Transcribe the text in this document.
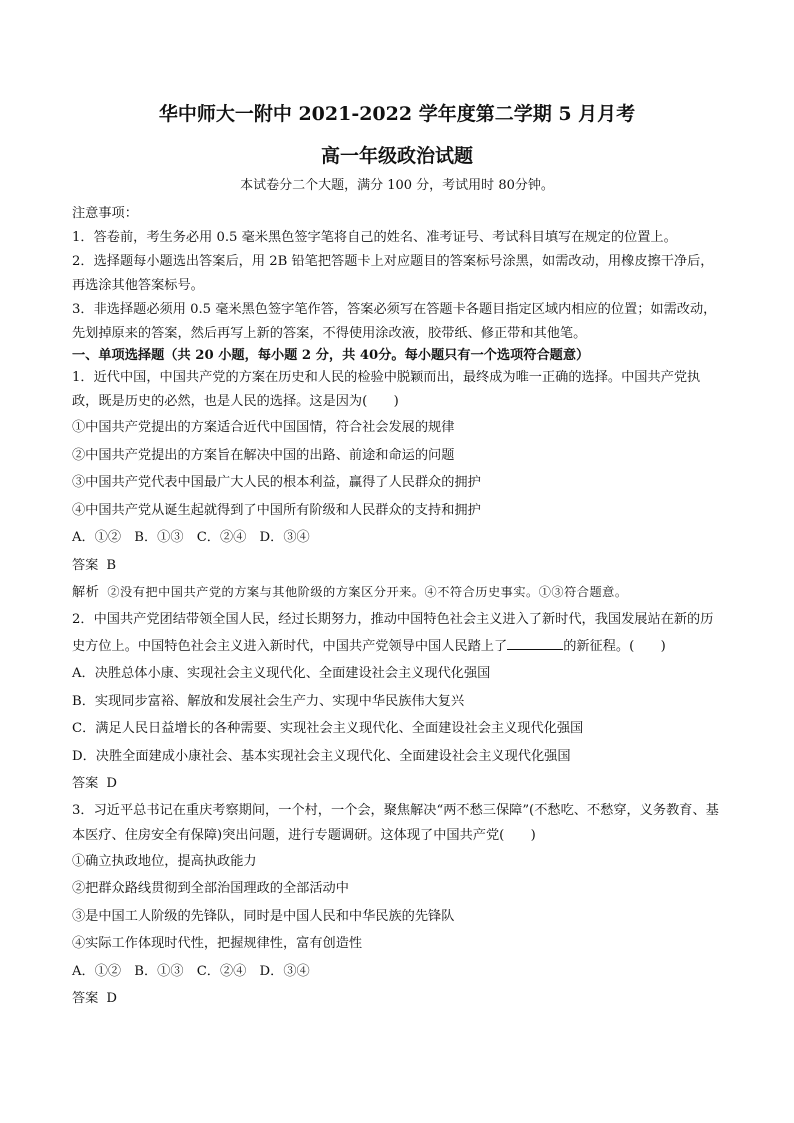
华中师大一附中 2021-2022 学年度第二学期 5 月月考
高一年级政治试题
本试卷分二个大题，满分 100 分，考试用时 80分钟。

注意事项：

1．答卷前，考生务必用 0.5 毫米黑色签字笔将自己的姓名、准考证号、考试科目填写在规定的位置上。

2．选择题每小题选出答案后，用 2B 铅笔把答题卡上对应题目的答案标号涂黑，如需改动，用橡皮擦干净后，再选涂其他答案标号。

3．非选择题必须用 0.5 毫米黑色签字笔作答，答案必须写在答题卡各题目指定区域内相应的位置；如需改动，先划掉原来的答案，然后再写上新的答案，不得使用涂改液，胶带纸、修正带和其他笔。

一、单项选择题（共 20 小题，每小题 2 分，共 40分。每小题只有一个选项符合题意）

1．近代中国，中国共产党的方案在历史和人民的检验中脱颖而出，最终成为唯一正确的选择。中国共产党执政，既是历史的必然，也是人民的选择。这是因为(　　)

①中国共产党提出的方案适合近代中国国情，符合社会发展的规律

②中国共产党提出的方案旨在解决中国的出路、前途和命运的问题

③中国共产党代表中国最广大人民的根本利益，赢得了人民群众的拥护

④中国共产党从诞生起就得到了中国所有阶级和人民群众的支持和拥护

A．①②　B．①③　C．②④　D．③④

答案 B

解析 ②没有把中国共产党的方案与其他阶级的方案区分开来。④不符合历史事实。①③符合题意。

2．中国共产党团结带领全国人民，经过长期努力，推动中国特色社会主义进入了新时代，我国发展站在新的历史方位上。中国特色社会主义进入新时代，中国共产党领导中国人民踏上了	的新征程。(　　)

A．决胜总体小康、实现社会主义现代化、全面建设社会主义现代化强国

B．实现同步富裕、解放和发展社会生产力、实现中华民族伟大复兴

C．满足人民日益增长的各种需要、实现社会主义现代化、全面建设社会主义现代化强国

D．决胜全面建成小康社会、基本实现社会主义现代化、全面建设社会主义现代化强国

答案 D

3．习近平总书记在重庆考察期间，一个村，一个会，聚焦解决“两不愁三保障”(不愁吃、不愁穿，义务教育、基本医疗、住房安全有保障)突出问题，进行专题调研。这体现了中国共产党(　　)

①确立执政地位，提高执政能力

②把群众路线贯彻到全部治国理政的全部活动中

③是中国工人阶级的先锋队，同时是中国人民和中华民族的先锋队

④实际工作体现时代性，把握规律性，富有创造性

A．①②　B．①③　C．②④　D．③④

答案 D
